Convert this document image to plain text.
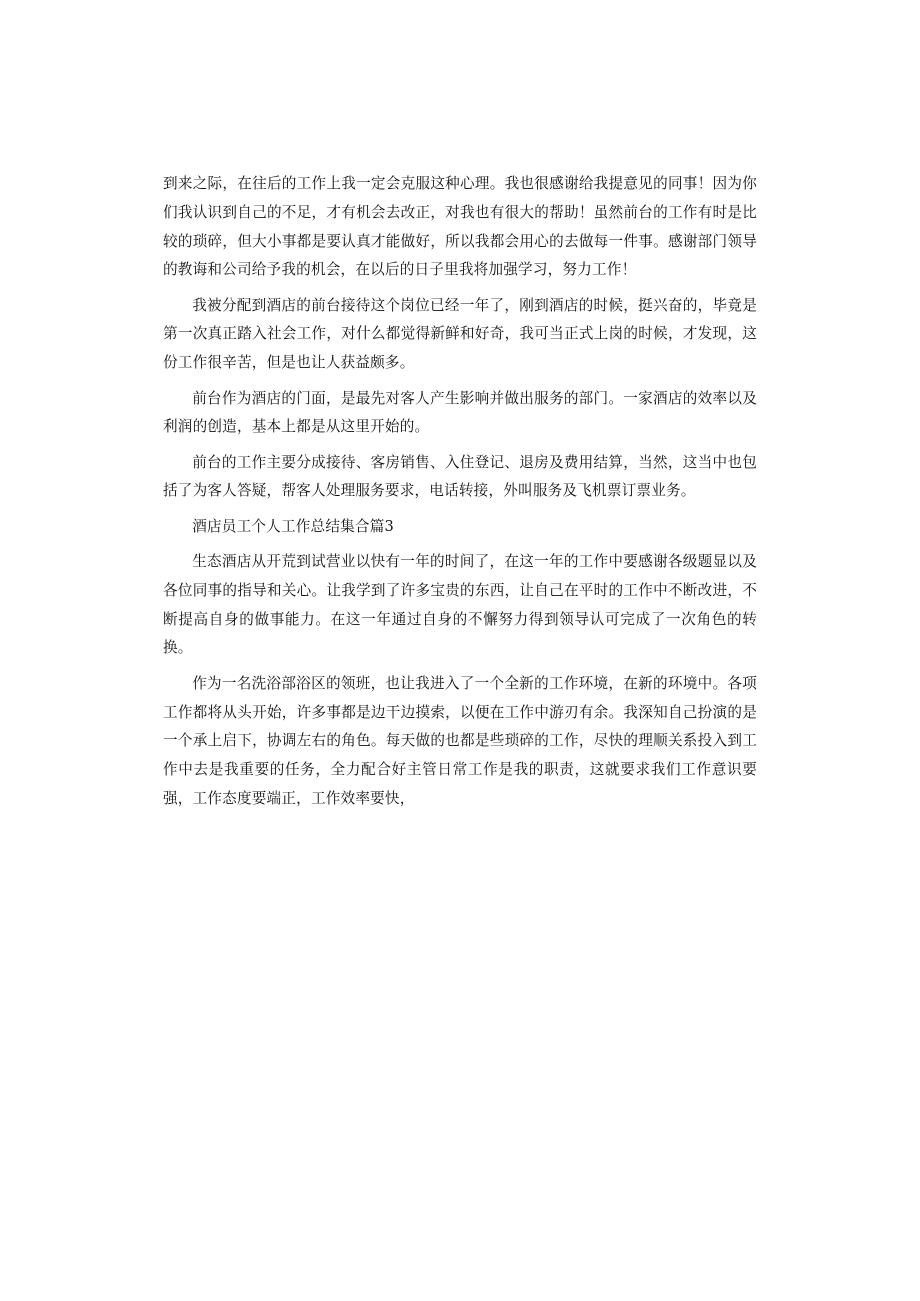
到来之际，在往后的工作上我一定会克服这种心理。我也很感谢给我提意见的同事！因为你们我认识到自己的不足，才有机会去改正，对我也有很大的帮助！虽然前台的工作有时是比较的琐碎，但大小事都是要认真才能做好，所以我都会用心的去做每一件事。感谢部门领导的教诲和公司给予我的机会，在以后的日子里我将加强学习，努力工作！

我被分配到酒店的前台接待这个岗位已经一年了，刚到酒店的时候，挺兴奋的，毕竟是第一次真正踏入社会工作，对什么都觉得新鲜和好奇，我可当正式上岗的时候，才发现，这份工作很辛苦，但是也让人获益颇多。

前台作为酒店的门面，是最先对客人产生影响并做出服务的部门。一家酒店的效率以及利润的创造，基本上都是从这里开始的。

前台的工作主要分成接待、客房销售、入住登记、退房及费用结算，当然，这当中也包括了为客人答疑，帮客人处理服务要求，电话转接，外叫服务及飞机票订票业务。

酒店员工个人工作总结集合篇3

生态酒店从开荒到试营业以快有一年的时间了，在这一年的工作中要感谢各级题显以及各位同事的指导和关心。让我学到了许多宝贵的东西，让自己在平时的工作中不断改进，不断提高自身的做事能力。在这一年通过自身的不懈努力得到领导认可完成了一次角色的转换。

作为一名洗浴部浴区的领班，也让我进入了一个全新的工作环境，在新的环境中。各项工作都将从头开始，许多事都是边干边摸索，以便在工作中游刃有余。我深知自己扮演的是一个承上启下，协调左右的角色。每天做的也都是些琐碎的工作，尽快的理顺关系投入到工作中去是我重要的任务，全力配合好主管日常工作是我的职责，这就要求我们工作意识要强，工作态度要端正，工作效率要快，
